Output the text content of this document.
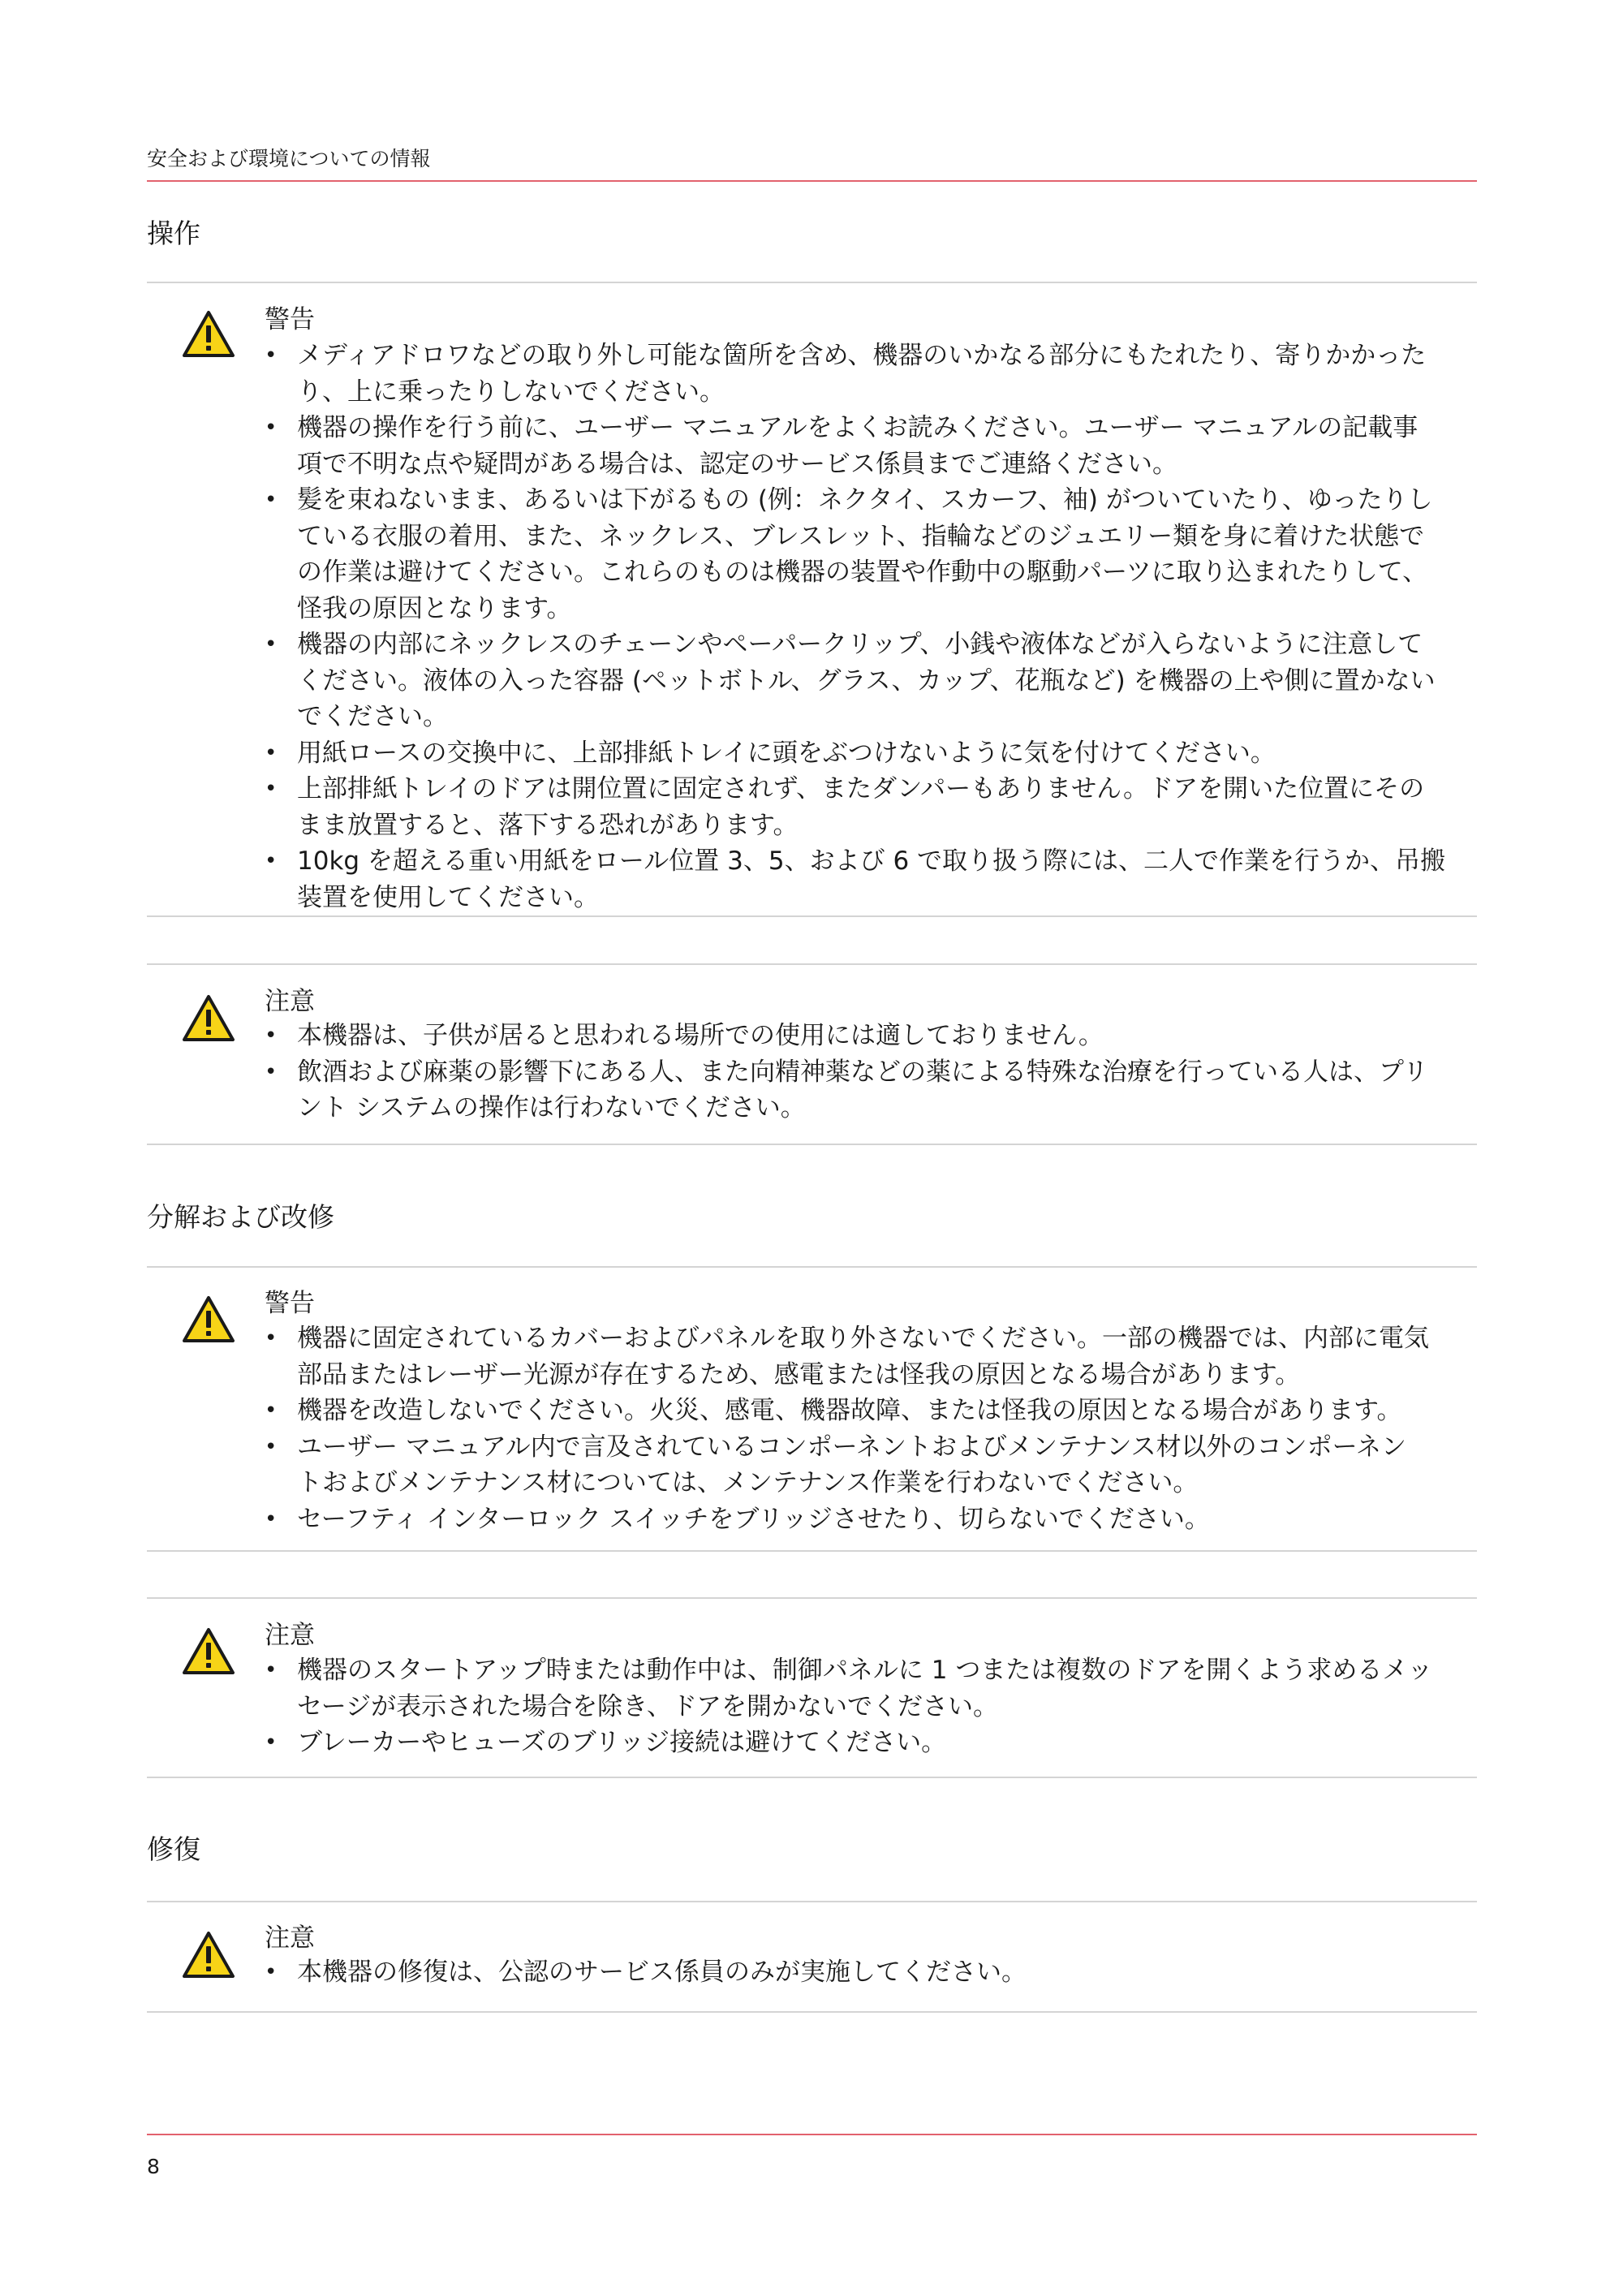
安全および環境についての情報
操作
警告
• メディアドロワなどの取り外し可能な箇所を含め、機器のいかなる部分にもたれたり、寄りかかった
り、上に乗ったりしないでください。
• 機器の操作を行う前に、ユーザー マニュアルをよくお読みください。ユーザー マニュアルの記載事
項で不明な点や疑問がある場合は、認定のサービス係員までご連絡ください。
• 髪を束ねないまま、あるいは下がるもの (例：ネクタイ、スカーフ、袖) がついていたり、ゆったりし
ている衣服の着用、また、ネックレス、ブレスレット、指輪などのジュエリー類を身に着けた状態で
の作業は避けてください。これらのものは機器の装置や作動中の駆動パーツに取り込まれたりして、
怪我の原因となります。
• 機器の内部にネックレスのチェーンやペーパークリップ、小銭や液体などが入らないように注意して
ください。液体の入った容器 (ペットボトル、グラス、カップ、花瓶など) を機器の上や側に置かない
でください。
• 用紙ロースの交換中に、上部排紙トレイに頭をぶつけないように気を付けてください。
• 上部排紙トレイのドアは開位置に固定されず、またダンパーもありません。ドアを開いた位置にその
まま放置すると、落下する恐れがあります。
• 10kg を超える重い用紙をロール位置 3、5、および 6 で取り扱う際には、二人で作業を行うか、吊搬
装置を使用してください。
注意
• 本機器は、子供が居ると思われる場所での使用には適しておりません。
• 飲酒および麻薬の影響下にある人、また向精神薬などの薬による特殊な治療を行っている人は、プリ
ント システムの操作は行わないでください。
分解および改修
警告
• 機器に固定されているカバーおよびパネルを取り外さないでください。一部の機器では、内部に電気
部品またはレーザー光源が存在するため、感電または怪我の原因となる場合があります。
• 機器を改造しないでください。火災、感電、機器故障、または怪我の原因となる場合があります。
• ユーザー マニュアル内で言及されているコンポーネントおよびメンテナンス材以外のコンポーネン
トおよびメンテナンス材については、メンテナンス作業を行わないでください。
• セーフティ インターロック スイッチをブリッジさせたり、切らないでください。
注意
• 機器のスタートアップ時または動作中は、制御パネルに 1 つまたは複数のドアを開くよう求めるメッ
セージが表示された場合を除き、ドアを開かないでください。
• ブレーカーやヒューズのブリッジ接続は避けてください。
修復
注意
• 本機器の修復は、公認のサービス係員のみが実施してください。
8
